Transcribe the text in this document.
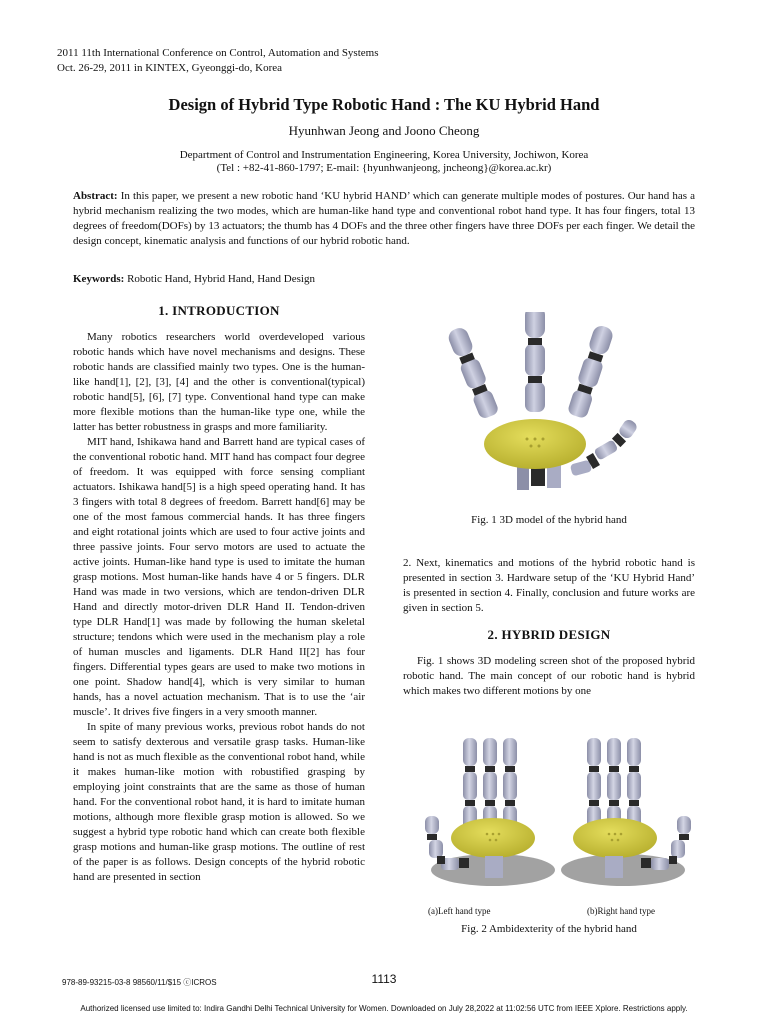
2011 11th International Conference on Control, Automation and Systems
Oct. 26-29, 2011 in KINTEX, Gyeonggi-do, Korea
Design of Hybrid Type Robotic Hand : The KU Hybrid Hand
Hyunhwan Jeong and Joono Cheong
Department of Control and Instrumentation Engineering, Korea University, Jochiwon, Korea
(Tel : +82-41-860-1797; E-mail: {hyunhwanjeong, jncheong}@korea.ac.kr)
Abstract: In this paper, we present a new robotic hand ‘KU hybrid HAND’ which can generate multiple modes of postures. Our hand has a hybrid mechanism realizing the two modes, which are human-like hand type and conventional robot hand type. It has four fingers, total 13 degrees of freedom(DOFs) by 13 actuators; the thumb has 4 DOFs and the three other fingers have three DOFs per each finger. We detail the design concept, kinematic analysis and functions of our hybrid robotic hand.
Keywords: Robotic Hand, Hybrid Hand, Hand Design
1. INTRODUCTION

Many robotics researchers world overdeveloped various robotic hands which have novel mechanisms and designs. These robotic hands are classified mainly two types. One is the human-like hand[1], [2], [3], [4] and the other is conventional(typical) robotic hand[5], [6], [7] type. Conventional hand type can make more flexible motions than the human-like type one, while the latter has better robustness in grasps and more familiarity.

MIT hand, Ishikawa hand and Barrett hand are typical cases of the conventional robotic hand. MIT hand has compact four degree of freedom. It was equipped with force sensing compliant actuators. Ishikawa hand[5] is a high speed operating hand. It has 3 fingers with total 8 degrees of freedom. Barrett hand[6] may be one of the most famous commercial hands. It has three fingers and eight rotational joints which are used to four active joints and three passive joints. Four servo motors are used to actuate the active joints. Human-like hand type is used to imitate the human grasp motions. Most human-like hands have 4 or 5 fingers. DLR Hand was made in two versions, which are tendon-driven DLR Hand and directly motor-driven DLR Hand II. Tendon-driven type DLR Hand[1] was made by following the human skeletal structure; tendons which were used in the mechanism play a role of human muscles and ligaments. DLR Hand II[2] has four fingers. Differential types gears are used to make two motions in one point. Shadow hand[4], which is very similar to human hands, has a novel actuation mechanism. That is to use the ‘air muscle’. It drives five fingers in a very smooth manner.

In spite of many previous works, previous robot hands do not seem to satisfy dexterous and versatile grasp tasks. Human-like hand is not as much flexible as the conventional robot hand, while it makes human-like motion with robustified grasping by employing joint constraints that are the same as those of human hand. For the conventional robot hand, it is hard to imitate human motions, although more flexible grasp motion is allowed. So we suggest a hybrid type robotic hand which can create both flexible grasp motions and human-like grasp motions. The outline of rest of the paper is as follows. Design concepts of the hybrid robotic hand are presented in section

Fig. 1 3D model of the hybrid hand
2. Next, kinematics and motions of the hybrid robotic hand is presented in section 3. Hardware setup of the ‘KU Hybrid Hand’ is presented in section 4. Finally, conclusion and future works are given in section 5.
2. HYBRID DESIGN

Fig. 1 shows 3D modeling screen shot of the proposed hybrid robotic hand. The main concept of our robotic hand is hybrid which makes two different motions by one

(a)Left hand type	(b)Right hand type
Fig. 2 Ambidexterity of the hybrid hand
978-89-93215-03-8 98560/11/$15 ⓒICROS	1113
Authorized licensed use limited to: Indira Gandhi Delhi Technical University for Women. Downloaded on July 28,2022 at 11:02:56 UTC from IEEE Xplore. Restrictions apply.
